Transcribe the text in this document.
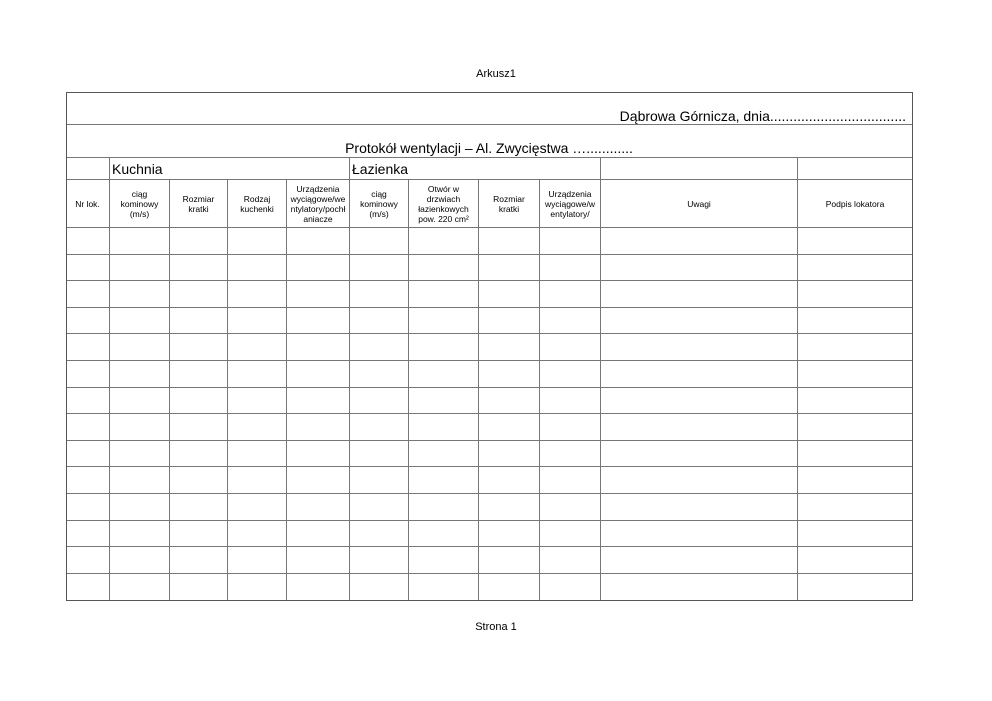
Arkusz1
Dąbrowa Górnicza, dnia...................................
Protokół wentylacji – Al. Zwycięstwa …............
Kuchnia	Łazienka
Nr lok.
ciąg
kominowy
(m/s)
Rozmiar
kratki
Rodzaj
kuchenki
Urządzenia
wyciągowe/we
ntylatory/pochł
aniacze
ciąg
kominowy
(m/s)
Otwór w
drzwiach
łazienkowych
pow. 220 cm²
Rozmiar
kratki
Urządzenia
wyciągowe/w
entylatory/
Uwagi	Podpis lokatora
Strona 1
